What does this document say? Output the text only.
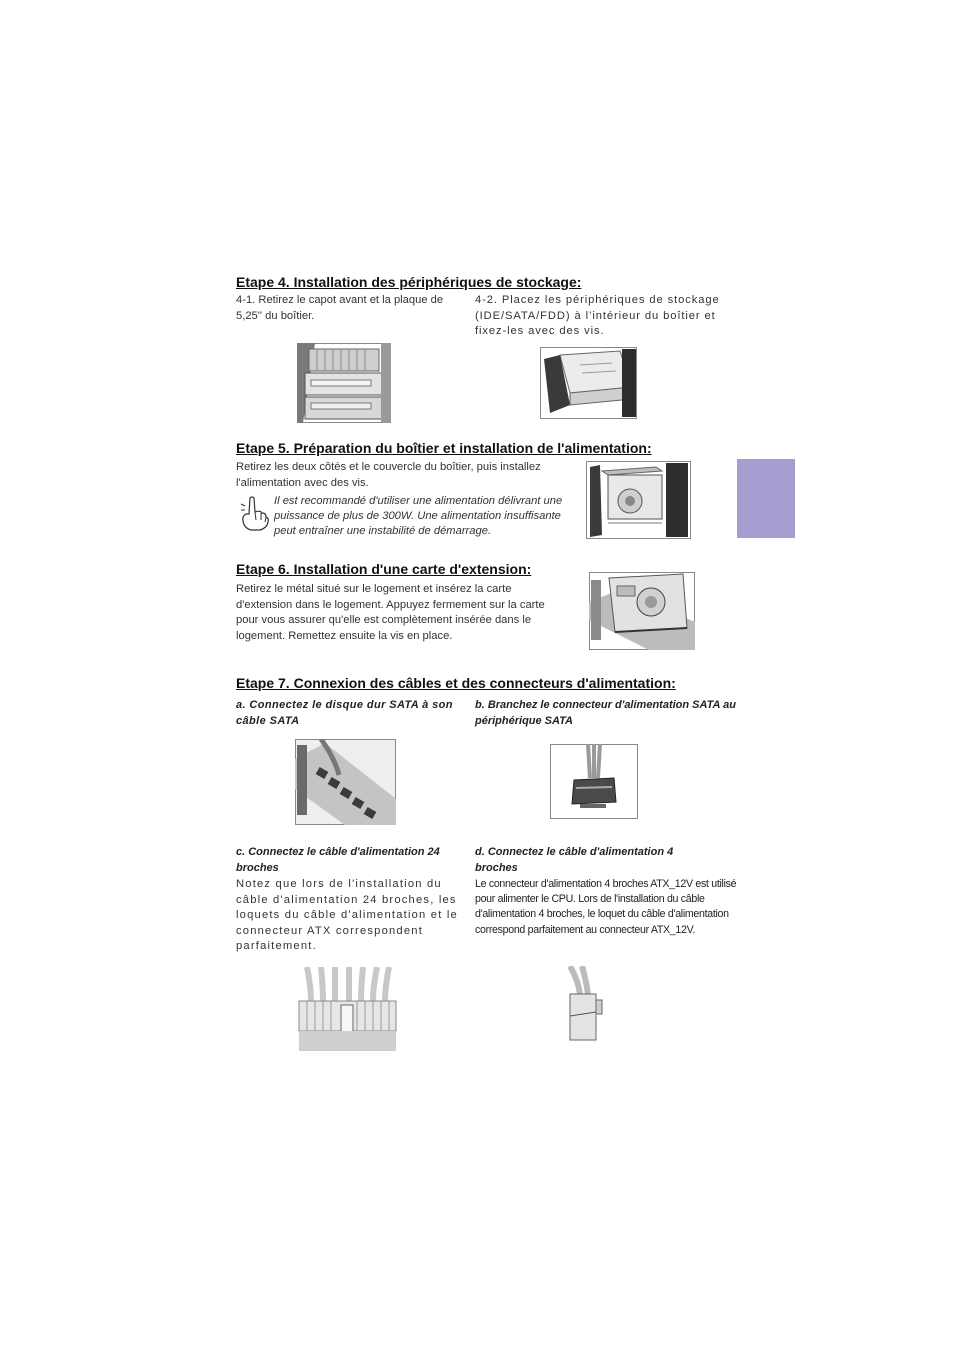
Etape 4. Installation des périphériques de stockage:
4-1. Retirez le capot avant et la plaque de 5,25'' du boîtier.
4-2. Placez les périphériques de stockage (IDE/SATA/FDD) à l’intérieur du boîtier et fixez-les avec des vis.
Etape 5. Préparation du boîtier et installation de l'alimentation:
Retirez les deux côtés et le couvercle du boîtier, puis installez l'alimentation avec des vis.
Il est recommandé d'utiliser une alimentation délivrant une puissance de plus de 300W. Une alimentation insuffisante peut entraîner une instabilité de démarrage.
Etape 6. Installation d'une carte d'extension:
Retirez le métal situé sur le logement et insérez la carte d'extension dans le logement. Appuyez fermement sur la carte pour vous assurer qu'elle est complètement insérée dans le logement. Remettez ensuite la vis en place.
Etape 7. Connexion des câbles et des connecteurs d'alimentation:
a. Connectez le disque dur SATA à son câble SATA
b. Branchez le connecteur d'alimentation SATA au périphérique SATA
c. Connectez le câble d'alimentation 24 broches
d. Connectez le câble d'alimentation 4 broches
Notez que lors de l'installation du câble d'alimentation 24 broches, les loquets du câble d'alimentation et le connecteur ATX correspondent parfaitement.
Le connecteur d'alimentation 4 broches ATX_12V est utilisé pour alimenter le CPU. Lors de l'installation du câble d'alimentation 4 broches, le loquet du câble d'alimentation correspond parfaitement au connecteur ATX_12V.
